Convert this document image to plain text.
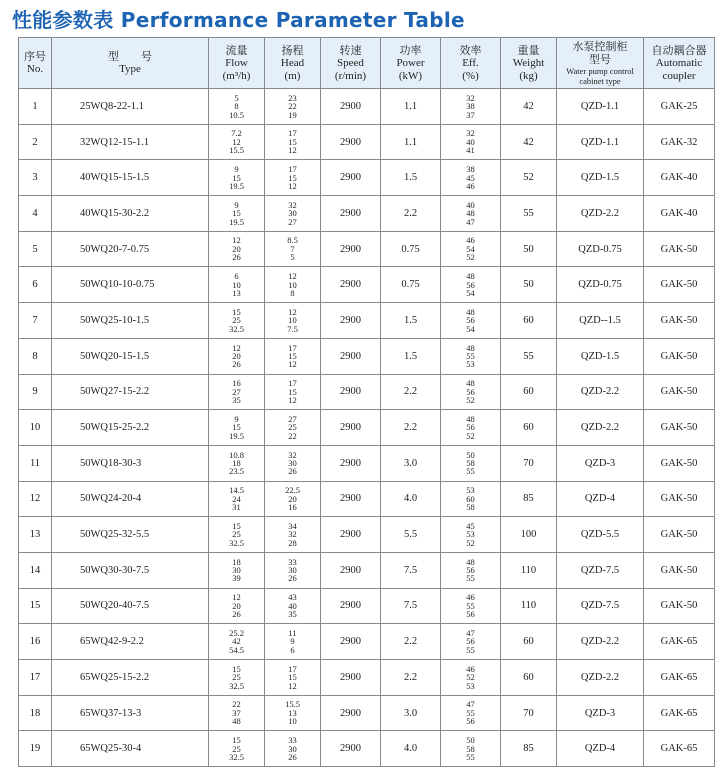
性能参数表 Performance Parameter Table
序号
No.	型　　号
Type	流量
Flow
(m³/h)	扬程
Head
(m)	转速
Speed
(r/min)	功率
Power
(kW)	效率
Eff.
(%)	重量
Weight
(kg)	水泵控制柜
型号
Water pump control
cabinet type	自动耦合器
Automatic
coupler

1	25WQ8-22-1.1	5
8
10.5	23
22
19	2900	1.1	32
38
37	42	QZD-1.1	GAK-25
2	32WQ12-15-1.1	7.2
12
15.5	17
15
12	2900	1.1	32
40
41	42	QZD-1.1	GAK-32
3	40WQ15-15-1.5	9
15
19.5	17
15
12	2900	1.5	38
45
46	52	QZD-1.5	GAK-40
4	40WQ15-30-2.2	9
15
19.5	32
30
27	2900	2.2	40
48
47	55	QZD-2.2	GAK-40
5	50WQ20-7-0.75	12
20
26	8.5
7
5	2900	0.75	46
54
52	50	QZD-0.75	GAK-50
6	50WQ10-10-0.75	6
10
13	12
10
8	2900	0.75	48
56
54	50	QZD-0.75	GAK-50
7	50WQ25-10-1.5	15
25
32.5	12
10
7.5	2900	1.5	48
56
54	60	QZD--1.5	GAK-50
8	50WQ20-15-1.5	12
20
26	17
15
12	2900	1.5	48
55
53	55	QZD-1.5	GAK-50
9	50WQ27-15-2.2	16
27
35	17
15
12	2900	2.2	48
56
52	60	QZD-2.2	GAK-50
10	50WQ15-25-2.2	9
15
19.5	27
25
22	2900	2.2	48
56
52	60	QZD-2.2	GAK-50
11	50WQ18-30-3	10.8
18
23.5	32
30
26	2900	3.0	50
58
55	70	QZD-3	GAK-50
12	50WQ24-20-4	14.5
24
31	22.5
20
16	2900	4.0	53
60
58	85	QZD-4	GAK-50
13	50WQ25-32-5.5	15
25
32.5	34
32
28	2900	5.5	45
53
52	100	QZD-5.5	GAK-50
14	50WQ30-30-7.5	18
30
39	33
30
26	2900	7.5	48
56
55	110	QZD-7.5	GAK-50
15	50WQ20-40-7.5	12
20
26	43
40
35	2900	7.5	46
55
56	110	QZD-7.5	GAK-50
16	65WQ42-9-2.2	25.2
42
54.5	11
9
6	2900	2.2	47
56
55	60	QZD-2.2	GAK-65
17	65WQ25-15-2.2	15
25
32.5	17
15
12	2900	2.2	46
52
53	60	QZD-2.2	GAK-65
18	65WQ37-13-3	22
37
48	15.5
13
10	2900	3.0	47
55
56	70	QZD-3	GAK-65
19	65WQ25-30-4	15
25
32.5	33
30
26	2900	4.0	50
58
55	85	QZD-4	GAK-65
